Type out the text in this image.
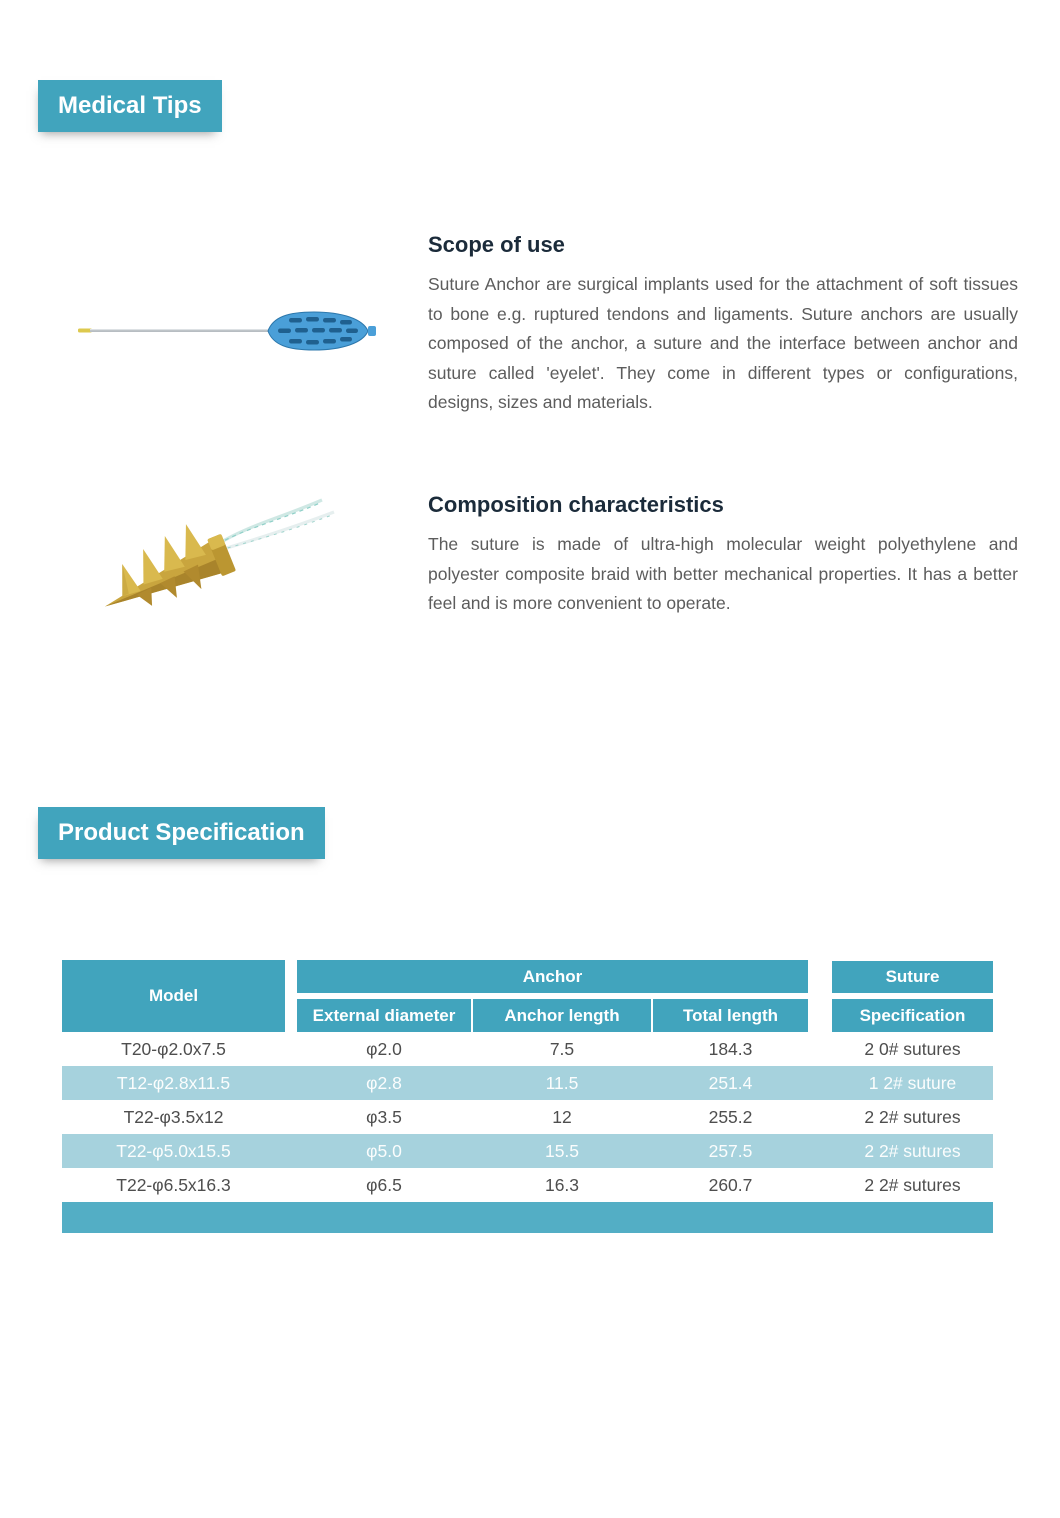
Medical Tips
Scope of use

Suture Anchor are surgical implants used for the attachment of soft tissues to bone e.g. ruptured tendons and ligaments. Suture anchors are usually composed of the anchor, a suture and the interface between anchor and suture called 'eyelet'. They come in different types or configurations, designs, sizes and materials.

Composition characteristics

The suture is made of ultra-high molecular weight polyethylene and polyester composite braid with better mechanical properties. It has a better feel and is more convenient to operate.

Product Specification
Model
Anchor	Suture
External diameter	Anchor length	Total length	Specification
T20-φ2.0x7.5	φ2.0	7.5	184.3	2 0# sutures
T12-φ2.8x11.5	φ2.8	11.5	251.4	1 2# suture
T22-φ3.5x12	φ3.5	12	255.2	2 2# sutures
T22-φ5.0x15.5	φ5.0	15.5	257.5	2 2# sutures
T22-φ6.5x16.3	φ6.5	16.3	260.7	2 2# sutures
